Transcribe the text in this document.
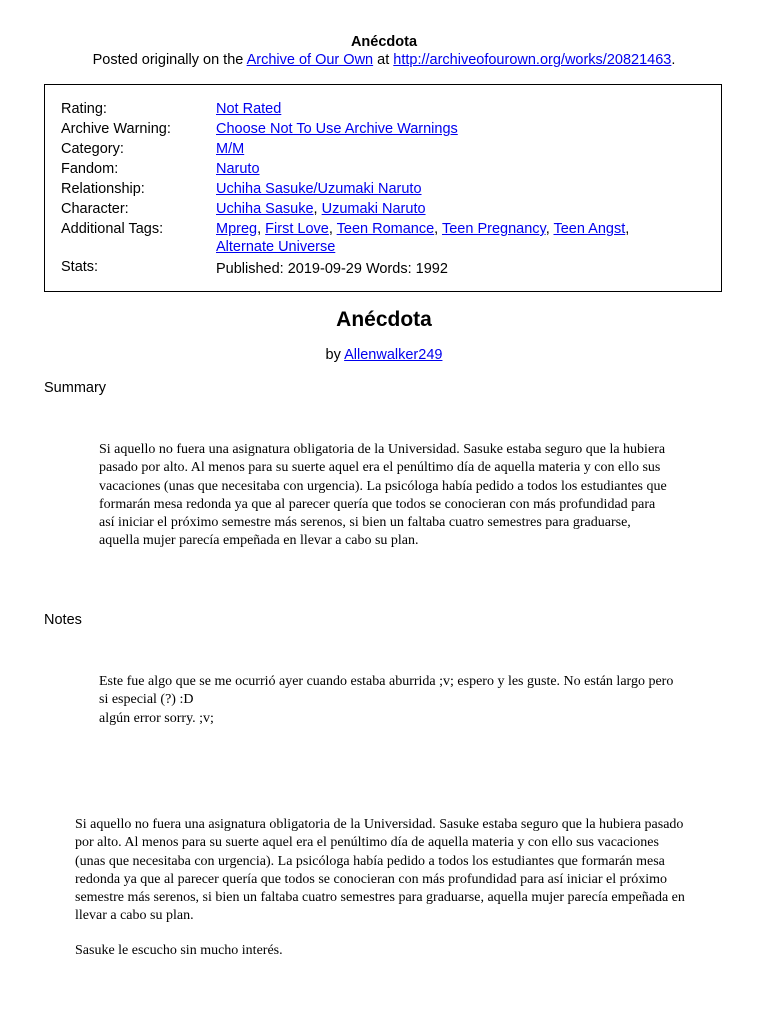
Anécdota
Posted originally on the Archive of Our Own at http://archiveofourown.org/works/20821463.
Rating:	Not Rated
Archive Warning:	Choose Not To Use Archive Warnings
Category:	M/M
Fandom:	Naruto
Relationship:	Uchiha Sasuke/Uzumaki Naruto
Character:	Uchiha Sasuke, Uzumaki Naruto
Additional Tags:	Mpreg, First Love, Teen Romance, Teen Pregnancy, Teen Angst,
Alternate Universe
Stats:	Published: 2019-09-29 Words: 1992
Anécdota
by Allenwalker249
Summary

Si aquello no fuera una asignatura obligatoria de la Universidad. Sasuke estaba seguro que la hubiera pasado por alto. Al menos para su suerte aquel era el penúltimo día de aquella materia y con ello sus vacaciones (unas que necesitaba con urgencia). La psicóloga había pedido a todos los estudiantes que formarán mesa redonda ya que al parecer quería que todos se conocieran con más profundidad para así iniciar el próximo semestre más serenos, si bien un faltaba cuatro semestres para graduarse, aquella mujer parecía empeñada en llevar a cabo su plan.

Notes

Este fue algo que se me ocurrió ayer cuando estaba aburrida ;v; espero y les guste. No están largo pero si especial (?) :D

algún error sorry. ;v;

Si aquello no fuera una asignatura obligatoria de la Universidad. Sasuke estaba seguro que la hubiera pasado por alto. Al menos para su suerte aquel era el penúltimo día de aquella materia y con ello sus vacaciones (unas que necesitaba con urgencia). La psicóloga había pedido a todos los estudiantes que formarán mesa redonda ya que al parecer quería que todos se conocieran con más profundidad para así iniciar el próximo semestre más serenos, si bien un faltaba cuatro semestres para graduarse, aquella mujer parecía empeñada en llevar a cabo su plan.

Sasuke le escucho sin mucho interés.
